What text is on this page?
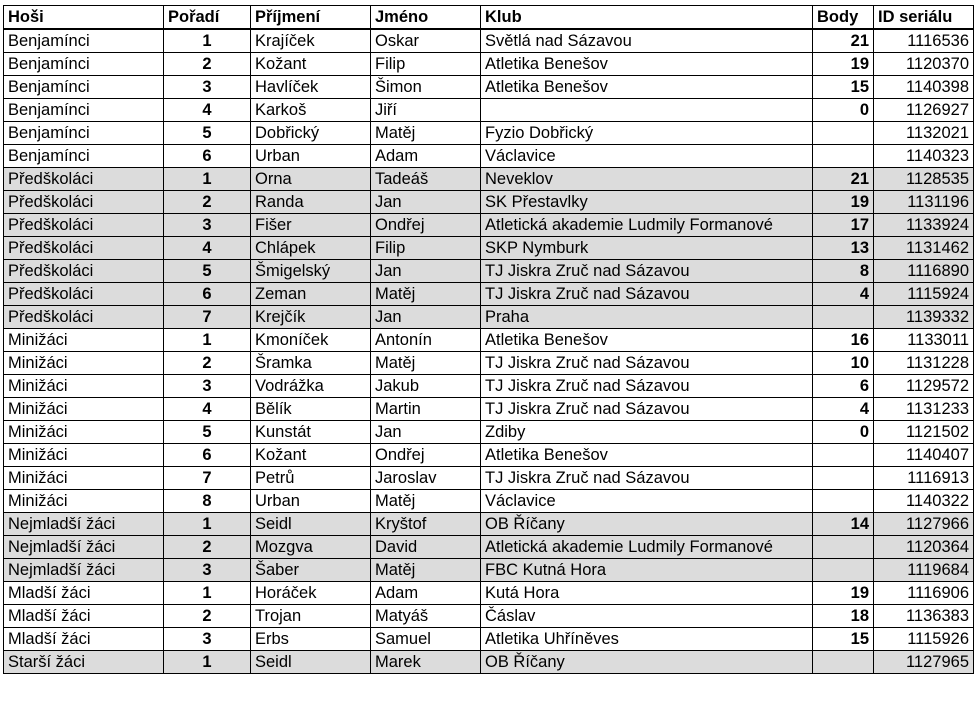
Hoši	Pořadí	Příjmení	Jméno	Klub	Body	ID seriálu
Benjamínci	1	Krajíček	Oskar	Světlá nad Sázavou	21	1116536
Benjamínci	2	Kožant	Filip	Atletika Benešov	19	1120370
Benjamínci	3	Havlíček	Šimon	Atletika Benešov	15	1140398
Benjamínci	4	Karkoš	Jiří		0	1126927
Benjamínci	5	Dobřický	Matěj	Fyzio Dobřický		1132021
Benjamínci	6	Urban	Adam	Václavice		1140323
Předškoláci	1	Orna	Tadeáš	Neveklov	21	1128535
Předškoláci	2	Randa	Jan	SK Přestavlky	19	1131196
Předškoláci	3	Fišer	Ondřej	Atletická akademie Ludmily Formanové	17	1133924
Předškoláci	4	Chlápek	Filip	SKP Nymburk	13	1131462
Předškoláci	5	Šmigelský	Jan	TJ Jiskra Zruč nad Sázavou	8	1116890
Předškoláci	6	Zeman	Matěj	TJ Jiskra Zruč nad Sázavou	4	1115924
Předškoláci	7	Krejčík	Jan	Praha		1139332
Minižáci	1	Kmoníček	Antonín	Atletika Benešov	16	1133011
Minižáci	2	Šramka	Matěj	TJ Jiskra Zruč nad Sázavou	10	1131228
Minižáci	3	Vodrážka	Jakub	TJ Jiskra Zruč nad Sázavou	6	1129572
Minižáci	4	Bělík	Martin	TJ Jiskra Zruč nad Sázavou	4	1131233
Minižáci	5	Kunstát	Jan	Zdiby	0	1121502
Minižáci	6	Kožant	Ondřej	Atletika Benešov		1140407
Minižáci	7	Petrů	Jaroslav	TJ Jiskra Zruč nad Sázavou		1116913
Minižáci	8	Urban	Matěj	Václavice		1140322
Nejmladší žáci	1	Seidl	Kryštof	OB Říčany	14	1127966
Nejmladší žáci	2	Mozgva	David	Atletická akademie Ludmily Formanové		1120364
Nejmladší žáci	3	Šaber	Matěj	FBC Kutná Hora		1119684
Mladší žáci	1	Horáček	Adam	Kutá Hora	19	1116906
Mladší žáci	2	Trojan	Matyáš	Čáslav	18	1136383
Mladší žáci	3	Erbs	Samuel	Atletika Uhříněves	15	1115926
Starší žáci	1	Seidl	Marek	OB Říčany		1127965
